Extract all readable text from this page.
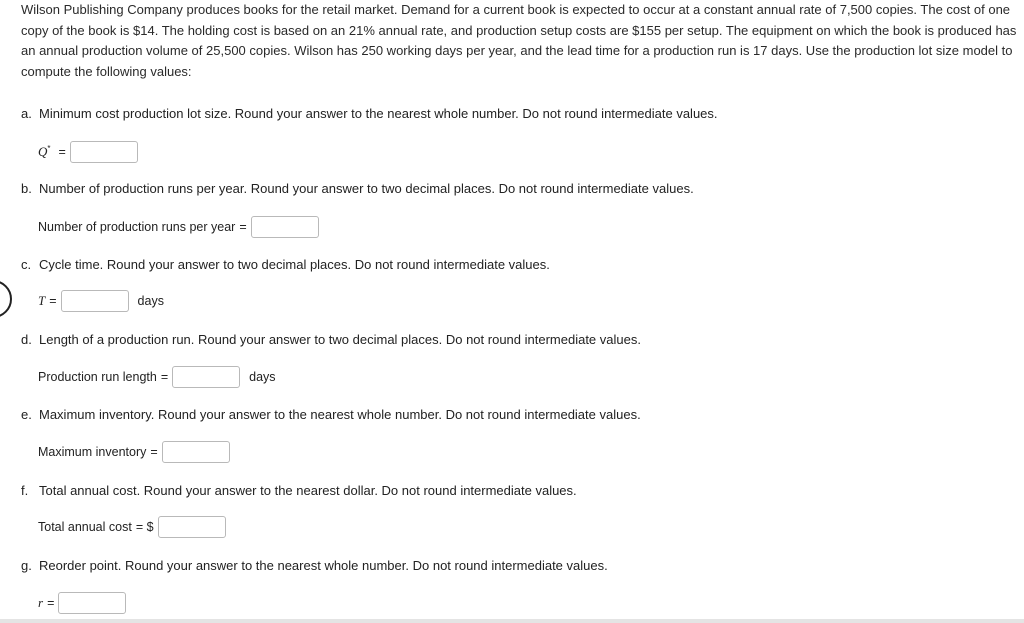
Wilson Publishing Company produces books for the retail market. Demand for a current book is expected to occur at a constant annual rate of 7,500 copies. The cost of one copy of the book is $14. The holding cost is based on an 21% annual rate, and production setup costs are $155 per setup. The equipment on which the book is produced has an annual production volume of 25,500 copies. Wilson has 250 working days per year, and the lead time for a production run is 17 days. Use the production lot size model to compute the following values:
a. Minimum cost production lot size. Round your answer to the nearest whole number. Do not round intermediate values.
Q* =
b. Number of production runs per year. Round your answer to two decimal places. Do not round intermediate values.
Number of production runs per year =
c. Cycle time. Round your answer to two decimal places. Do not round intermediate values.
T =	days
d. Length of a production run. Round your answer to two decimal places. Do not round intermediate values.
Production run length =	days
e. Maximum inventory. Round your answer to the nearest whole number. Do not round intermediate values.
Maximum inventory =
f. Total annual cost. Round your answer to the nearest dollar. Do not round intermediate values.
Total annual cost = $
g. Reorder point. Round your answer to the nearest whole number. Do not round intermediate values.
r =
